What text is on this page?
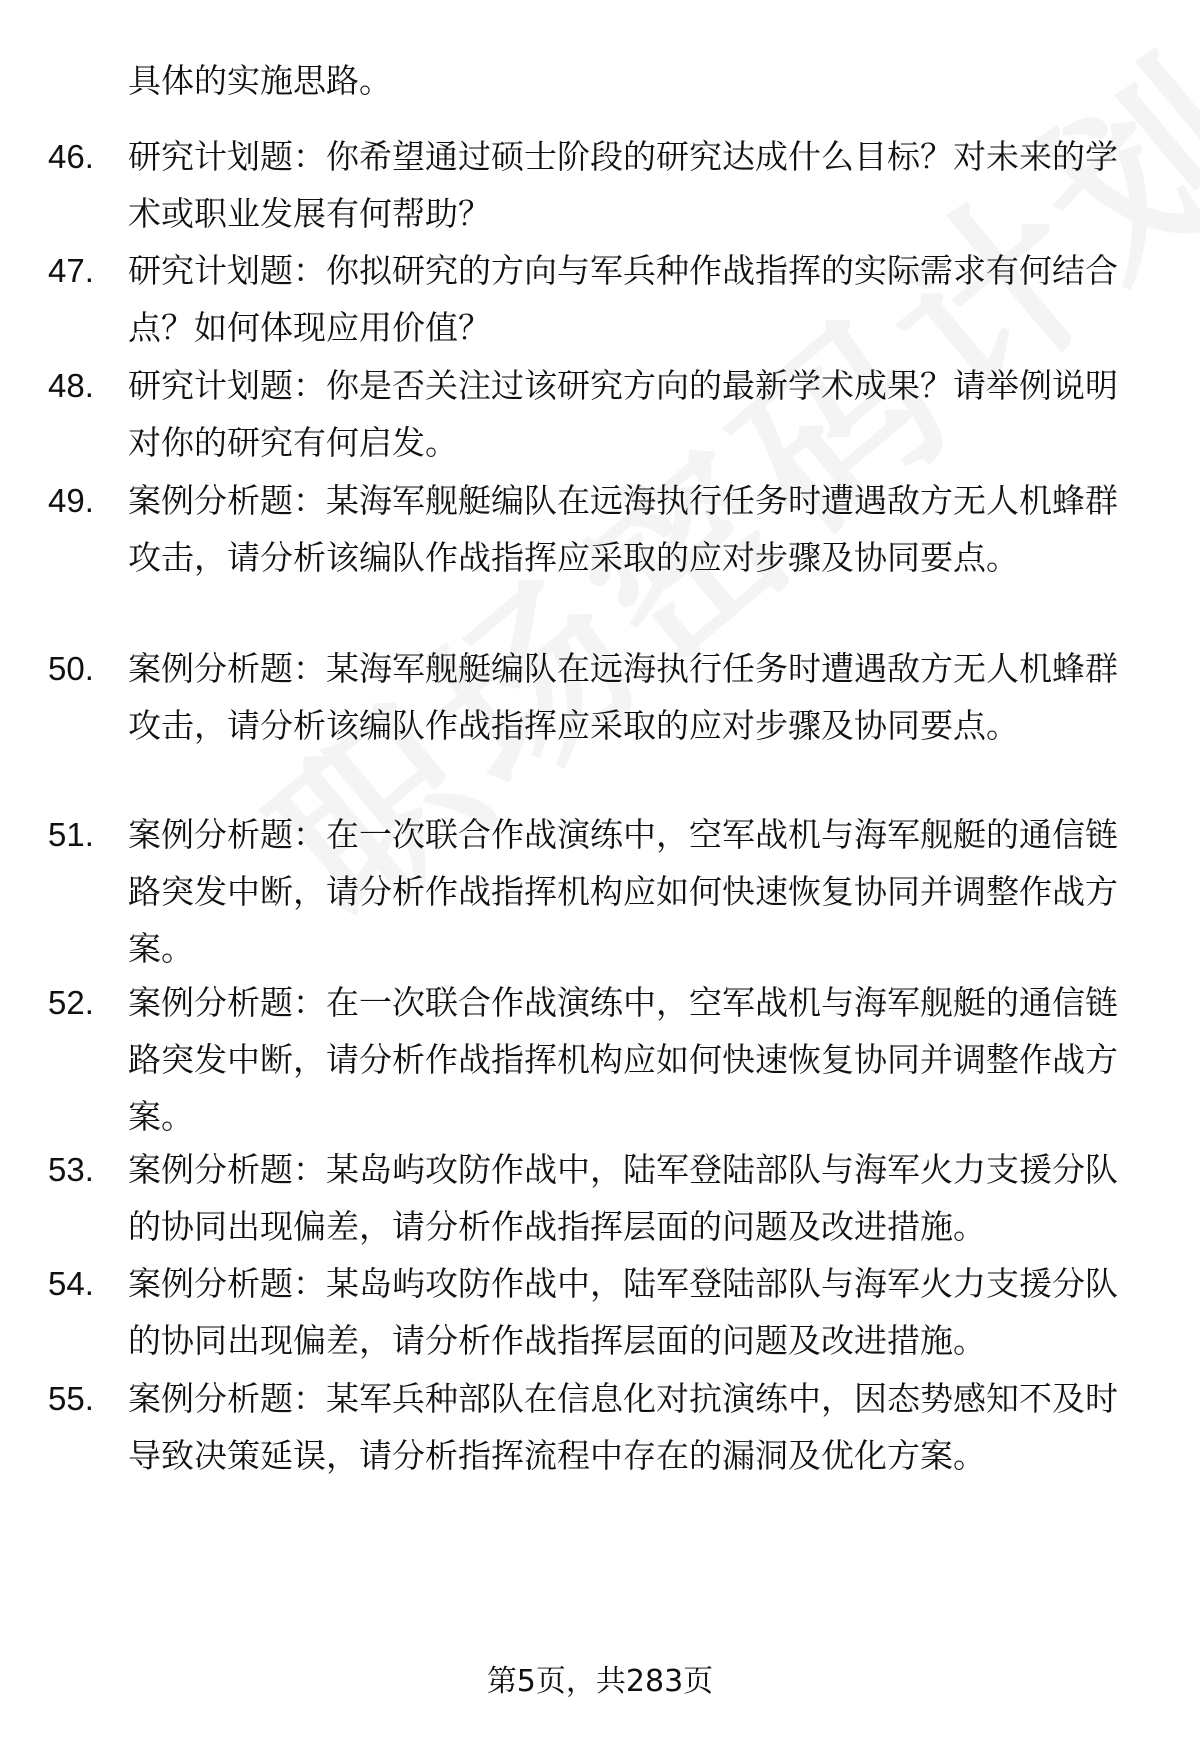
具体的实施思路。
46.	研究计划题：你希望通过硕士阶段的研究达成什么目标？对未来的学术或职业发展有何帮助？
47.	研究计划题：你拟研究的方向与军兵种作战指挥的实际需求有何结合点？如何体现应用价值？
48.	研究计划题：你是否关注过该研究方向的最新学术成果？请举例说明对你的研究有何启发。
49.	案例分析题：某海军舰艇编队在远海执行任务时遭遇敌方无人机蜂群攻击，请分析该编队作战指挥应采取的应对步骤及协同要点。
50.	案例分析题：某海军舰艇编队在远海执行任务时遭遇敌方无人机蜂群攻击，请分析该编队作战指挥应采取的应对步骤及协同要点。
51.	案例分析题：在一次联合作战演练中，空军战机与海军舰艇的通信链路突发中断，请分析作战指挥机构应如何快速恢复协同并调整作战方案。
52.	案例分析题：在一次联合作战演练中，空军战机与海军舰艇的通信链路突发中断，请分析作战指挥机构应如何快速恢复协同并调整作战方案。
53.	案例分析题：某岛屿攻防作战中，陆军登陆部队与海军火力支援分队的协同出现偏差，请分析作战指挥层面的问题及改进措施。
54.	案例分析题：某岛屿攻防作战中，陆军登陆部队与海军火力支援分队的协同出现偏差，请分析作战指挥层面的问题及改进措施。
55.	案例分析题：某军兵种部队在信息化对抗演练中，因态势感知不及时导致决策延误，请分析指挥流程中存在的漏洞及优化方案。
第5页，共283页
